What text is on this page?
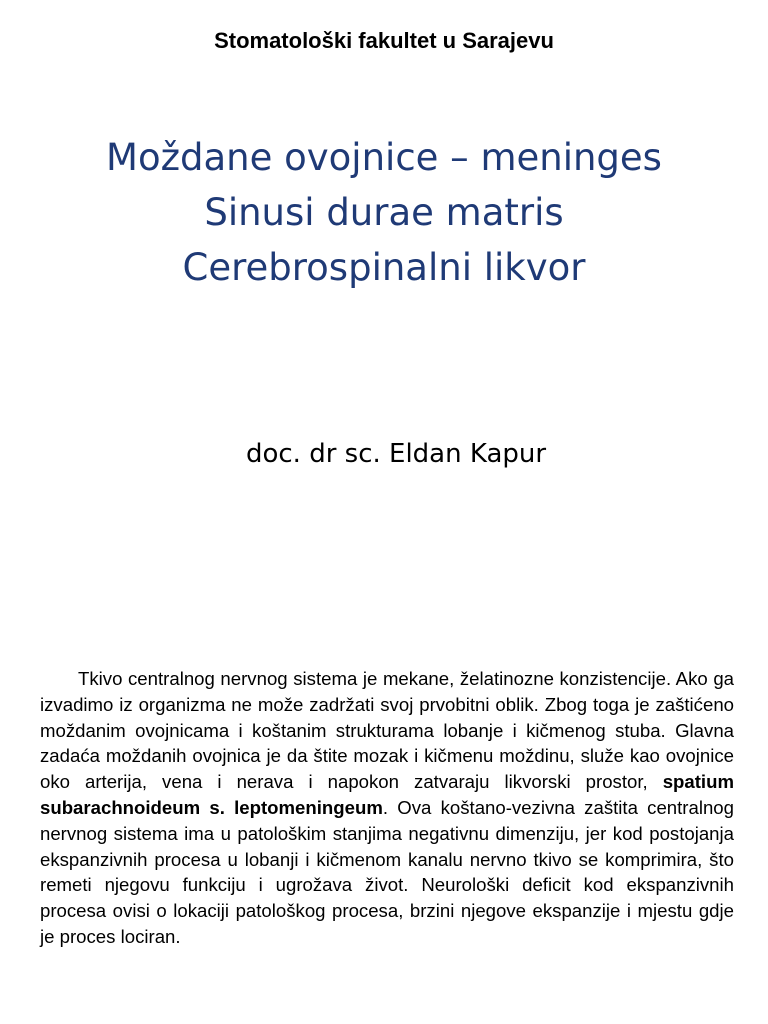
Stomatološki fakultet u Sarajevu
Moždane ovojnice – meninges
Sinusi durae matris
Cerebrospinalni likvor
doc. dr sc. Eldan Kapur
Tkivo centralnog nervnog sistema je mekane, želatinozne konzistencije. Ako ga izvadimo iz organizma ne može zadržati svoj prvobitni oblik. Zbog toga je zaštićeno moždanim ovojnicama i koštanim strukturama lobanje i kičmenog stuba. Glavna zadaća moždanih ovojnica je da štite mozak i kičmenu moždinu, služe kao ovojnice oko arterija, vena i nerava i napokon zatvaraju likvorski prostor, spatium subarachnoideum s. leptomeningeum. Ova koštano-vezivna zaštita centralnog nervnog sistema ima u patološkim stanjima negativnu dimenziju, jer kod postojanja ekspanzivnih procesa u lobanji i kičmenom kanalu nervno tkivo se komprimira, što remeti njegovu funkciju i ugrožava život. Neurološki deficit kod ekspanzivnih procesa ovisi o lokaciji patološkog procesa, brzini njegove ekspanzije i mjestu gdje je proces lociran.
